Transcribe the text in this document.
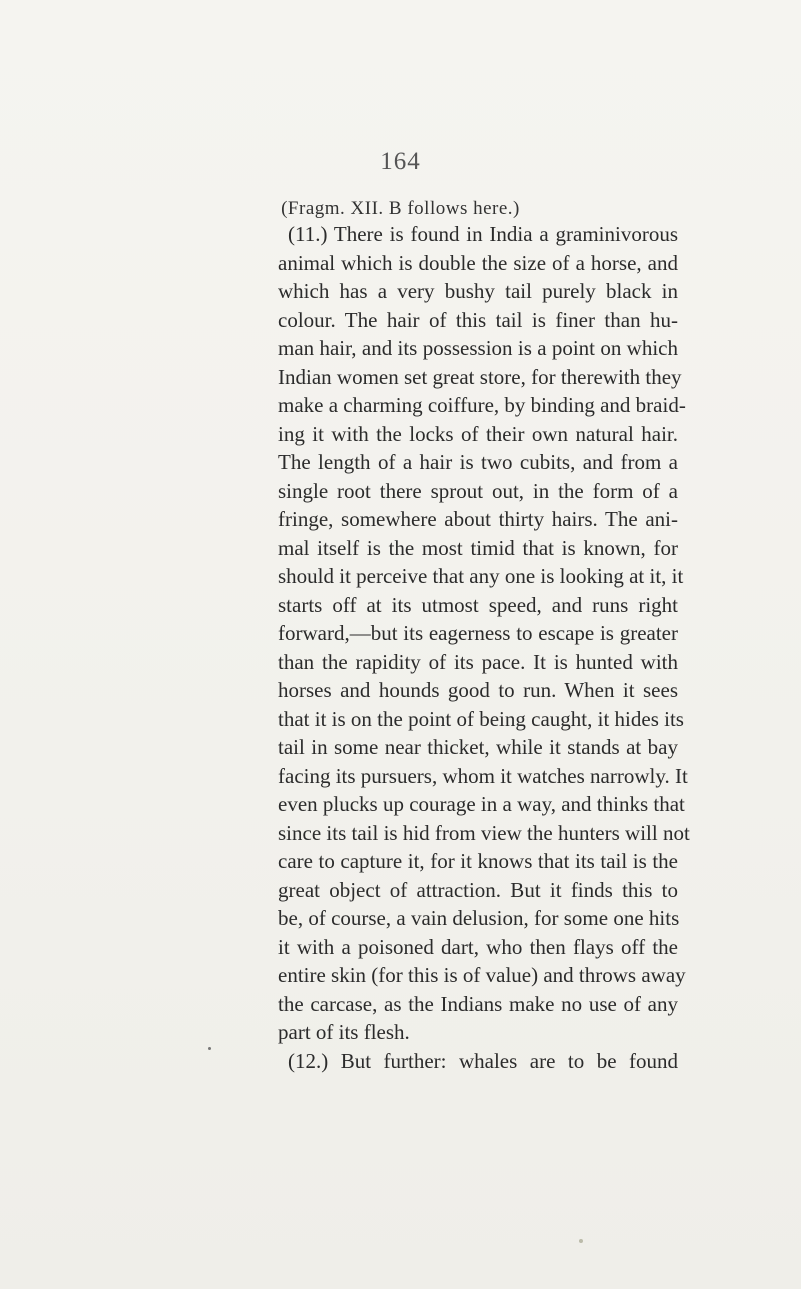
164
(Fragm. XII. B follows here.)
(11.) There is found in India a graminivorous
animal which is double the size of a horse, and
which has a very bushy tail purely black in
colour. The hair of this tail is finer than hu-
man hair, and its possession is a point on which
Indian women set great store, for therewith they
make a charming coiffure, by binding and braid-
ing it with the locks of their own natural hair.
The length of a hair is two cubits, and from a
single root there sprout out, in the form of a
fringe, somewhere about thirty hairs. The ani-
mal itself is the most timid that is known, for
should it perceive that any one is looking at it, it
starts off at its utmost speed, and runs right
forward,—but its eagerness to escape is greater
than the rapidity of its pace. It is hunted with
horses and hounds good to run. When it sees
that it is on the point of being caught, it hides its
tail in some near thicket, while it stands at bay
facing its pursuers, whom it watches narrowly. It
even plucks up courage in a way, and thinks that
since its tail is hid from view the hunters will not
care to capture it, for it knows that its tail is the
great object of attraction. But it finds this to
be, of course, a vain delusion, for some one hits
it with a poisoned dart, who then flays off the
entire skin (for this is of value) and throws away
the carcase, as the Indians make no use of any
part of its flesh.
(12.) But further: whales are to be found
